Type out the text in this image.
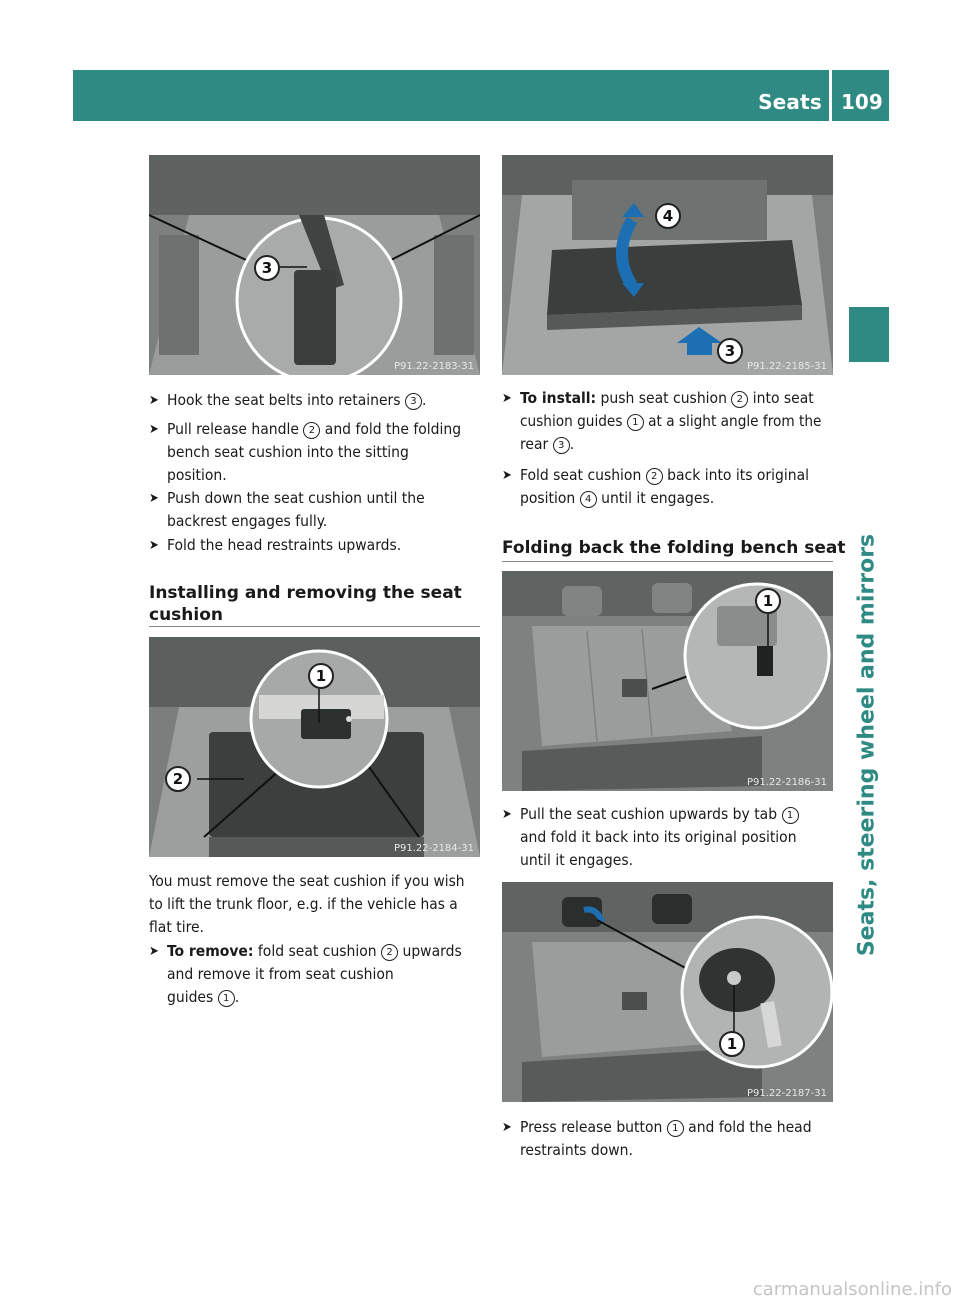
Seats 109
Seats, steering wheel and mirrors
3
P91.22-2183-31
➤ Hook the seat belts into retainers 3 .
➤ Pull release handle 2 and fold the folding
bench seat cushion into the sitting
position.
➤ Push down the seat cushion until the
backrest engages fully.
➤ Fold the head restraints upwards.
Installing and removing the seat
cushion
1
2
P91.22-2184-31
You must remove the seat cushion if you wish
to lift the trunk floor, e.g. if the vehicle has a
flat tire.
➤ To remove: fold seat cushion 2 upwards
and remove it from seat cushion
guides 1 .
4
3
P91.22-2185-31
➤ To install: push seat cushion 2 into seat
cushion guides 1 at a slight angle from the
rear 3 .
➤ Fold seat cushion 2 back into its original
position 4 until it engages.
Folding back the folding bench seat
1
P91.22-2186-31
➤ Pull the seat cushion upwards by tab 1
and fold it back into its original position
until it engages.
1
P91.22-2187-31
➤ Press release button 1 and fold the head
restraints down.
carmanualsonline.info
